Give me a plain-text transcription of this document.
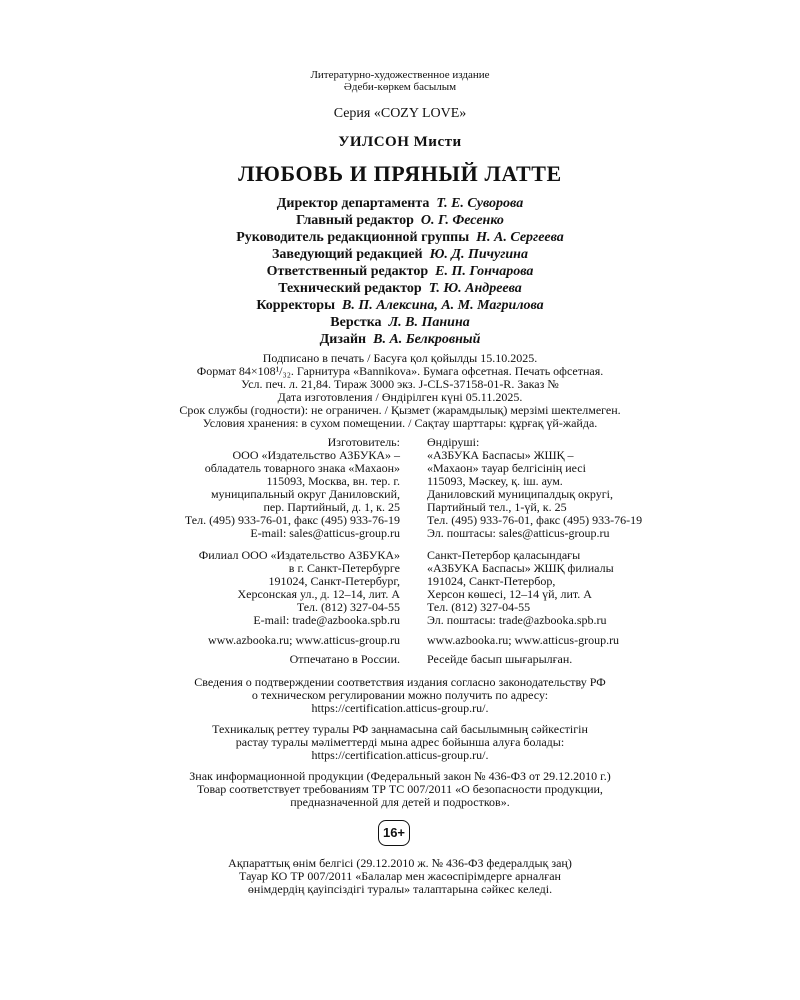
Литературно-художественное издание
Әдеби-көркем басылым
Серия «COZY LOVE»
УИЛСОН Мисти
ЛЮБОВЬ И ПРЯНЫЙ ЛАТТЕ
Директор департамента Т. Е. Суворова
Главный редактор О. Г. Фесенко
Руководитель редакционной группы Н. А. Сергеева
Заведующий редакцией Ю. Д. Пичугина
Ответственный редактор Е. П. Гончарова
Технический редактор Т. Ю. Андреева
Корректоры В. П. Алексина, А. М. Магрилова
Верстка Л. В. Панина
Дизайн В. А. Белкровный
Подписано в печать / Басуға қол қойылды 15.10.2025.
Формат 84×108¹/₃₂. Гарнитура «Bannikova». Бумага офсетная. Печать офсетная.
Усл. печ. л. 21,84. Тираж 3000 экз. J-CLS-37158-01-R. Заказ №
Дата изготовления / Өндірілген күні 05.11.2025.
Срок службы (годности): не ограничен. / Қызмет (жарамдылық) мерзімі шектелмеген.
Условия хранения: в сухом помещении. / Сақтау шарттары: құрғақ үй-жайда.
Изготовитель:
ООО «Издательство АЗБУКА» –
обладатель товарного знака «Махаон»
115093, Москва, вн. тер. г.
муниципальный округ Даниловский,
пер. Партийный, д. 1, к. 25
Тел. (495) 933-76-01, факс (495) 933-76-19
E-mail: sales@atticus-group.ru
Өндіруші:
«АЗБУКА Баспасы» ЖШҚ –
«Махаон» тауар белгісінің иесі
115093, Мәскеу, қ. іш. аум.
Даниловский муниципалдық округі,
Партийный тел., 1-үй, к. 25
Тел. (495) 933-76-01, факс (495) 933-76-19
Эл. поштасы: sales@atticus-group.ru
Филиал ООО «Издательство АЗБУКА»
в г. Санкт-Петербурге
191024, Санкт-Петербург,
Херсонская ул., д. 12–14, лит. А
Тел. (812) 327-04-55
E-mail: trade@azbooka.spb.ru
Санкт-Петербор қаласындағы
«АЗБУКА Баспасы» ЖШҚ филиалы
191024, Санкт-Петербор,
Херсон көшесі, 12–14 үй, лит. А
Тел. (812) 327-04-55
Эл. поштасы: trade@azbooka.spb.ru
www.azbooka.ru; www.atticus-group.ru www.azbooka.ru; www.atticus-group.ru
Отпечатано в России. Ресейде басып шығарылған.
Сведения о подтверждении соответствия издания согласно законодательству РФ
о техническом регулировании можно получить по адресу:
https://certification.atticus-group.ru/.
Техникалық реттеу туралы РФ заңнамасына сай басылымның сәйкестігін
растау туралы мәліметтерді мына адрес бойынша алуға болады:
https://certification.atticus-group.ru/.
Знак информационной продукции (Федеральный закон № 436-ФЗ от 29.12.2010 г.)
Товар соответствует требованиям ТР ТС 007/2011 «О безопасности продукции,
предназначенной для детей и подростков».
16+
Ақпараттық өнім белгісі (29.12.2010 ж. № 436-ФЗ федералдық заң)
Тауар КО ТР 007/2011 «Балалар мен жасөспірімдерге арналған
өнімдердің қауіпсіздігі туралы» талаптарына сәйкес келеді.
